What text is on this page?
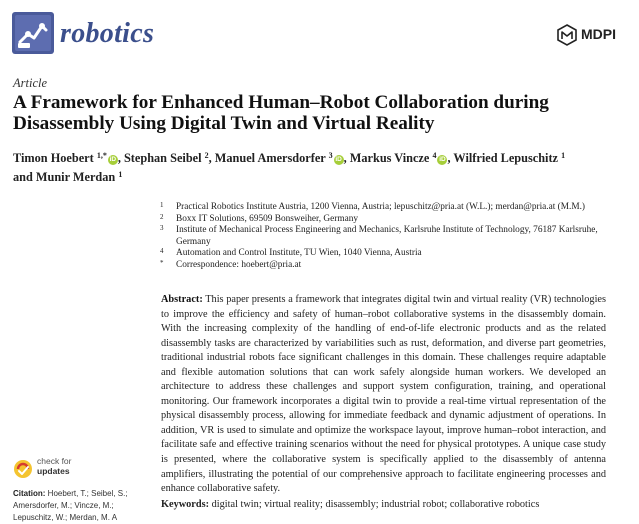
robotics	MDPI
Article
A Framework for Enhanced Human–Robot Collaboration during Disassembly Using Digital Twin and Virtual Reality
Timon Hoebert $^{1,*}$ iD , Stephan Seibel $^2$, Manuel Amersdorfer $^3$ iD , Markus Vincze $^4$ iD , Wilfried Lepuschitz $^1$
and Munir Merdan $^1$
1 Practical Robotics Institute Austria, 1200 Vienna, Austria; lepuschitz@pria.at (W.L.); merdan@pria.at (M.M.)
2 Boxx IT Solutions, 69509 Bonsweiher, Germany
3 Institute of Mechanical Process Engineering and Mechanics, Karlsruhe Institute of Technology, 76187 Karlsruhe, Germany
4 Automation and Control Institute, TU Wien, 1040 Vienna, Austria
* Correspondence: hoebert@pria.at
Abstract: This paper presents a framework that integrates digital twin and virtual reality (VR) technologies to improve the efficiency and safety of human–robot collaborative systems in the disassembly domain. With the increasing complexity of the handling of end-of-life electronic products and as the related disassembly tasks are characterized by variabilities such as rust, deformation, and diverse part geometries, traditional industrial robots face significant challenges in this domain. These challenges require adaptable and flexible automation solutions that can work safely alongside human workers. We developed an architecture to address these challenges and support system configuration, training, and operational monitoring. Our framework incorporates a digital twin to provide a real-time virtual representation of the physical disassembly process, allowing for immediate feedback and dynamic adjustment of operations. In addition, VR is used to simulate and optimize the workspace layout, improve human–robot interaction, and facilitate safe and effective training scenarios without the need for physical prototypes. A unique case study is presented, where the collaborative system is specifically applied to the disassembly of antenna amplifiers, illustrating the potential of our comprehensive approach to facilitate engineering processes and enhance collaborative safety.
check for
updates
Citation: Hoebert, T.; Seibel, S.; Amersdorfer, M.; Vincze, M.; Lepuschitz, W.; Merdan, M. A
Keywords: digital twin; virtual reality; disassembly; industrial robot; collaborative robotics
